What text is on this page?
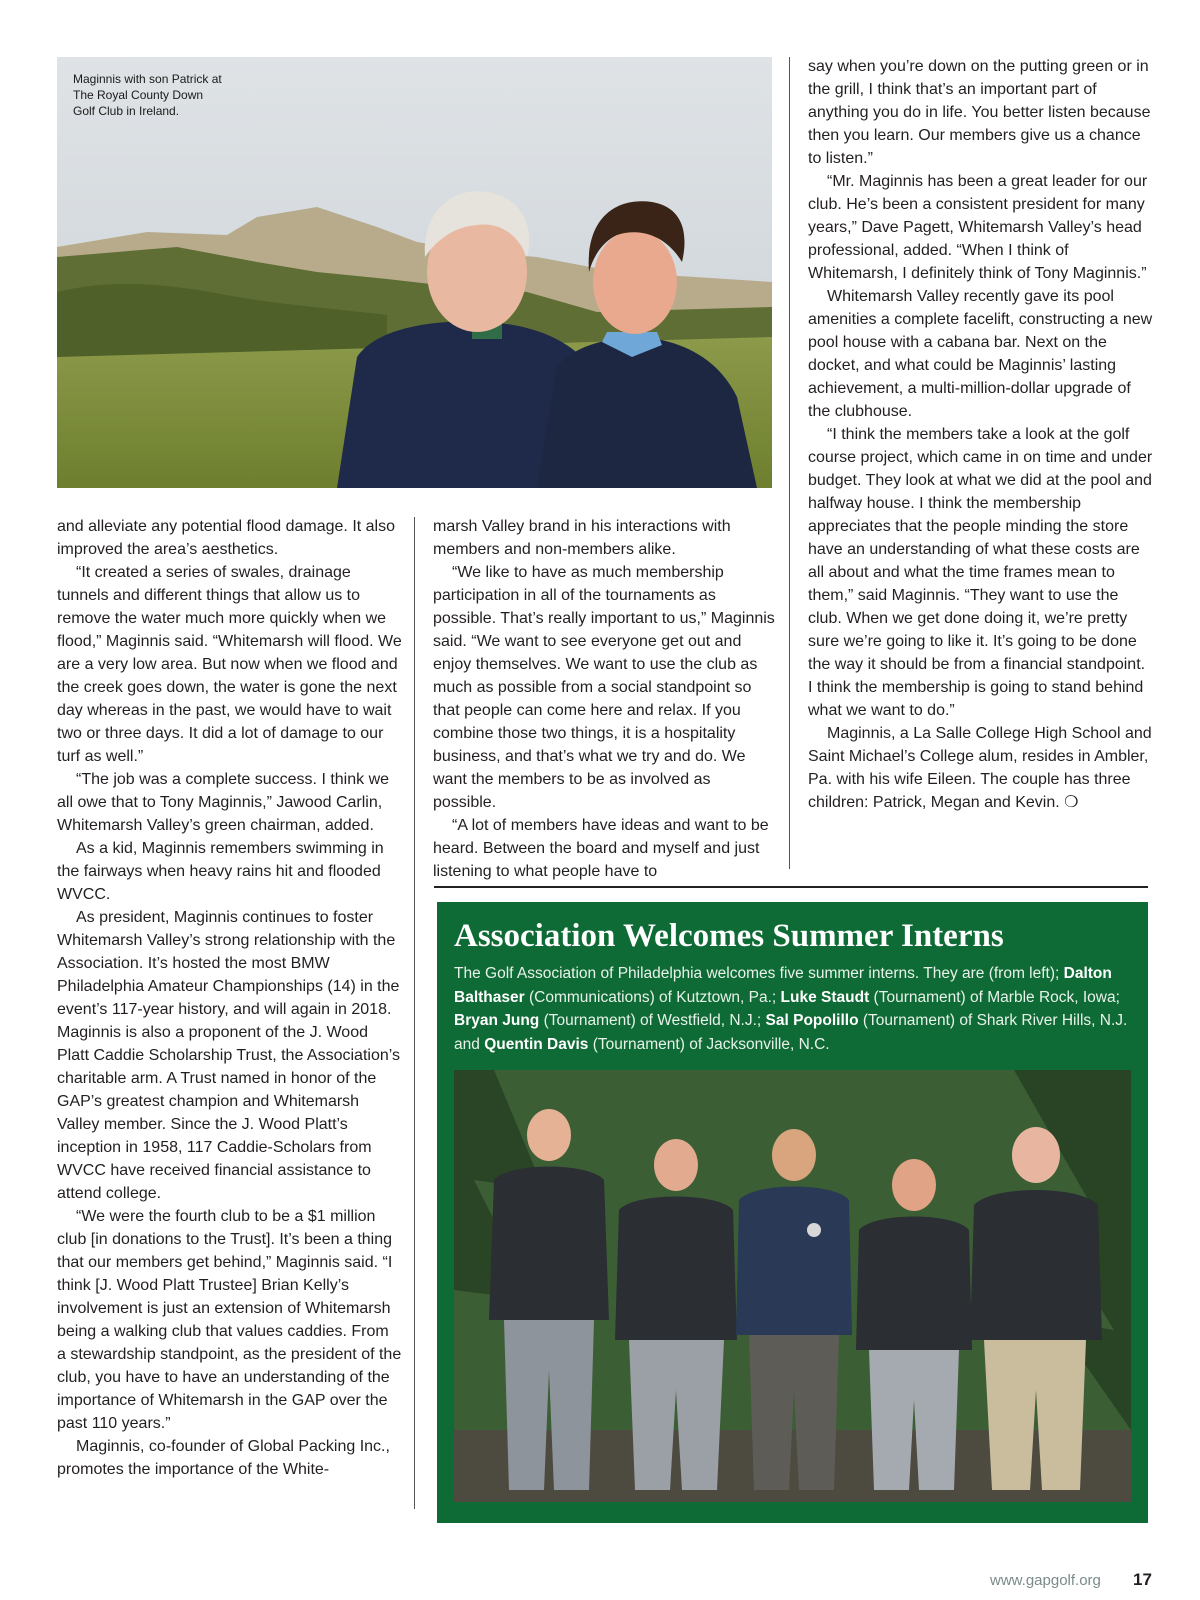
Maginnis with son Patrick at The Royal County Down Golf Club in Ireland.

and alleviate any potential flood damage. It also improved the area’s aesthetics.

“It created a series of swales, drainage tunnels and different things that allow us to remove the water much more quickly when we flood,” Maginnis said. “Whitemarsh will flood. We are a very low area. But now when we flood and the creek goes down, the water is gone the next day whereas in the past, we would have to wait two or three days. It did a lot of damage to our turf as well.”

“The job was a complete success. I think we all owe that to Tony Maginnis,” Jawood Carlin, Whitemarsh Valley’s green chairman, added.

As a kid, Maginnis remembers swimming in the fairways when heavy rains hit and flooded WVCC.

As president, Maginnis continues to foster Whitemarsh Valley’s strong relationship with the Association. It’s hosted the most BMW Philadelphia Amateur Championships (14) in the event’s 117-year history, and will again in 2018. Maginnis is also a proponent of the J. Wood Platt Caddie Scholarship Trust, the Association’s charitable arm. A Trust named in honor of the GAP’s greatest champion and Whitemarsh Valley member. Since the J. Wood Platt’s inception in 1958, 117 Caddie-Scholars from WVCC have received financial assistance to attend college.

“We were the fourth club to be a $1 million club [in donations to the Trust]. It’s been a thing that our members get behind,” Maginnis said. “I think [J. Wood Platt Trustee] Brian Kelly’s involvement is just an extension of Whitemarsh being a walking club that values caddies. From a stewardship standpoint, as the president of the club, you have to have an understanding of the importance of Whitemarsh in the GAP over the past 110 years.”

Maginnis, co-founder of Global Packing Inc., promotes the importance of the White-

marsh Valley brand in his interactions with members and non-members alike.

“We like to have as much membership participation in all of the tournaments as possible. That’s really important to us,” Maginnis said. “We want to see everyone get out and enjoy themselves. We want to use the club as much as possible from a social standpoint so that people can come here and relax. If you combine those two things, it is a hospitality business, and that’s what we try and do. We want the members to be as involved as possible.

“A lot of members have ideas and want to be heard. Between the board and myself and just listening to what people have to

say when you’re down on the putting green or in the grill, I think that’s an important part of anything you do in life. You better listen because then you learn. Our members give us a chance to listen.”

“Mr. Maginnis has been a great leader for our club. He’s been a consistent president for many years,” Dave Pagett, Whitemarsh Valley’s head professional, added. “When I think of Whitemarsh, I definitely think of Tony Maginnis.”

Whitemarsh Valley recently gave its pool amenities a complete facelift, constructing a new pool house with a cabana bar. Next on the docket, and what could be Maginnis’ lasting achievement, a multi-million-dollar upgrade of the clubhouse.

“I think the members take a look at the golf course project, which came in on time and under budget. They look at what we did at the pool and halfway house. I think the membership appreciates that the people minding the store have an understanding of what these costs are all about and what the time frames mean to them,” said Maginnis. “They want to use the club. When we get done doing it, we’re pretty sure we’re going to like it. It’s going to be done the way it should be from a financial standpoint. I think the membership is going to stand behind what we want to do.”

Maginnis, a La Salle College High School and Saint Michael’s College alum, resides in Ambler, Pa. with his wife Eileen. The couple has three children: Patrick, Megan and Kevin. ❍

Association Welcomes Summer Interns

The Golf Association of Philadelphia welcomes five summer interns. They are (from left); Dalton Balthaser (Communications) of Kutztown, Pa.; Luke Staudt (Tournament) of Marble Rock, Iowa; Bryan Jung (Tournament) of Westfield, N.J.; Sal Popolillo (Tournament) of Shark River Hills, N.J. and Quentin Davis (Tournament) of Jacksonville, N.C.

www.gapgolf.org 17
